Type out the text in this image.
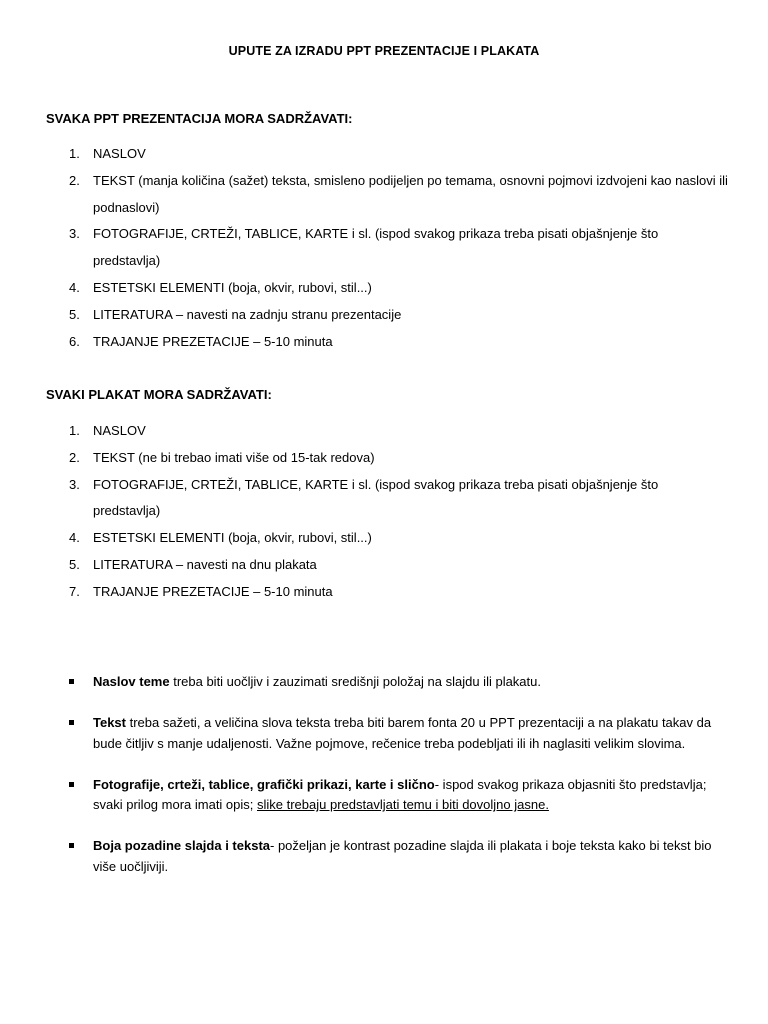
UPUTE ZA IZRADU PPT PREZENTACIJE I PLAKATA
SVAKA PPT PREZENTACIJA MORA SADRŽAVATI:
1. NASLOV
2. TEKST (manja količina (sažet) teksta, smisleno podijeljen po temama, osnovni pojmovi izdvojeni kao naslovi ili podnaslovi)
3. FOTOGRAFIJE, CRTEŽI, TABLICE, KARTE i sl. (ispod svakog prikaza treba pisati objašnjenje što predstavlja)
4. ESTETSKI ELEMENTI (boja, okvir, rubovi, stil...)
5. LITERATURA – navesti na zadnju stranu prezentacije
6. TRAJANJE PREZETACIJE – 5-10 minuta
SVAKI PLAKAT MORA SADRŽAVATI:
1. NASLOV
2. TEKST (ne bi trebao imati više od 15-tak redova)
3. FOTOGRAFIJE, CRTEŽI, TABLICE, KARTE i sl. (ispod svakog prikaza treba pisati objašnjenje što predstavlja)
4. ESTETSKI ELEMENTI (boja, okvir, rubovi, stil...)
5. LITERATURA – navesti na dnu plakata
7. TRAJANJE PREZETACIJE – 5-10 minuta
Naslov teme treba biti uočljiv i zauzimati središnji položaj na slajdu ili plakatu.
Tekst treba sažeti, a veličina slova teksta treba biti barem fonta 20 u PPT prezentaciji a na plakatu takav da bude čitljiv s manje udaljenosti. Važne pojmove, rečenice treba podebljati ili ih naglasiti velikim slovima.
Fotografije, crteži, tablice, grafički prikazi, karte i slično- ispod svakog prikaza objasniti što predstavlja; svaki prilog mora imati opis; slike trebaju predstavljati temu i biti dovoljno jasne.
Boja pozadine slajda i teksta- poželjan je kontrast pozadine slajda ili plakata i boje teksta kako bi tekst bio više uočljiviji.
